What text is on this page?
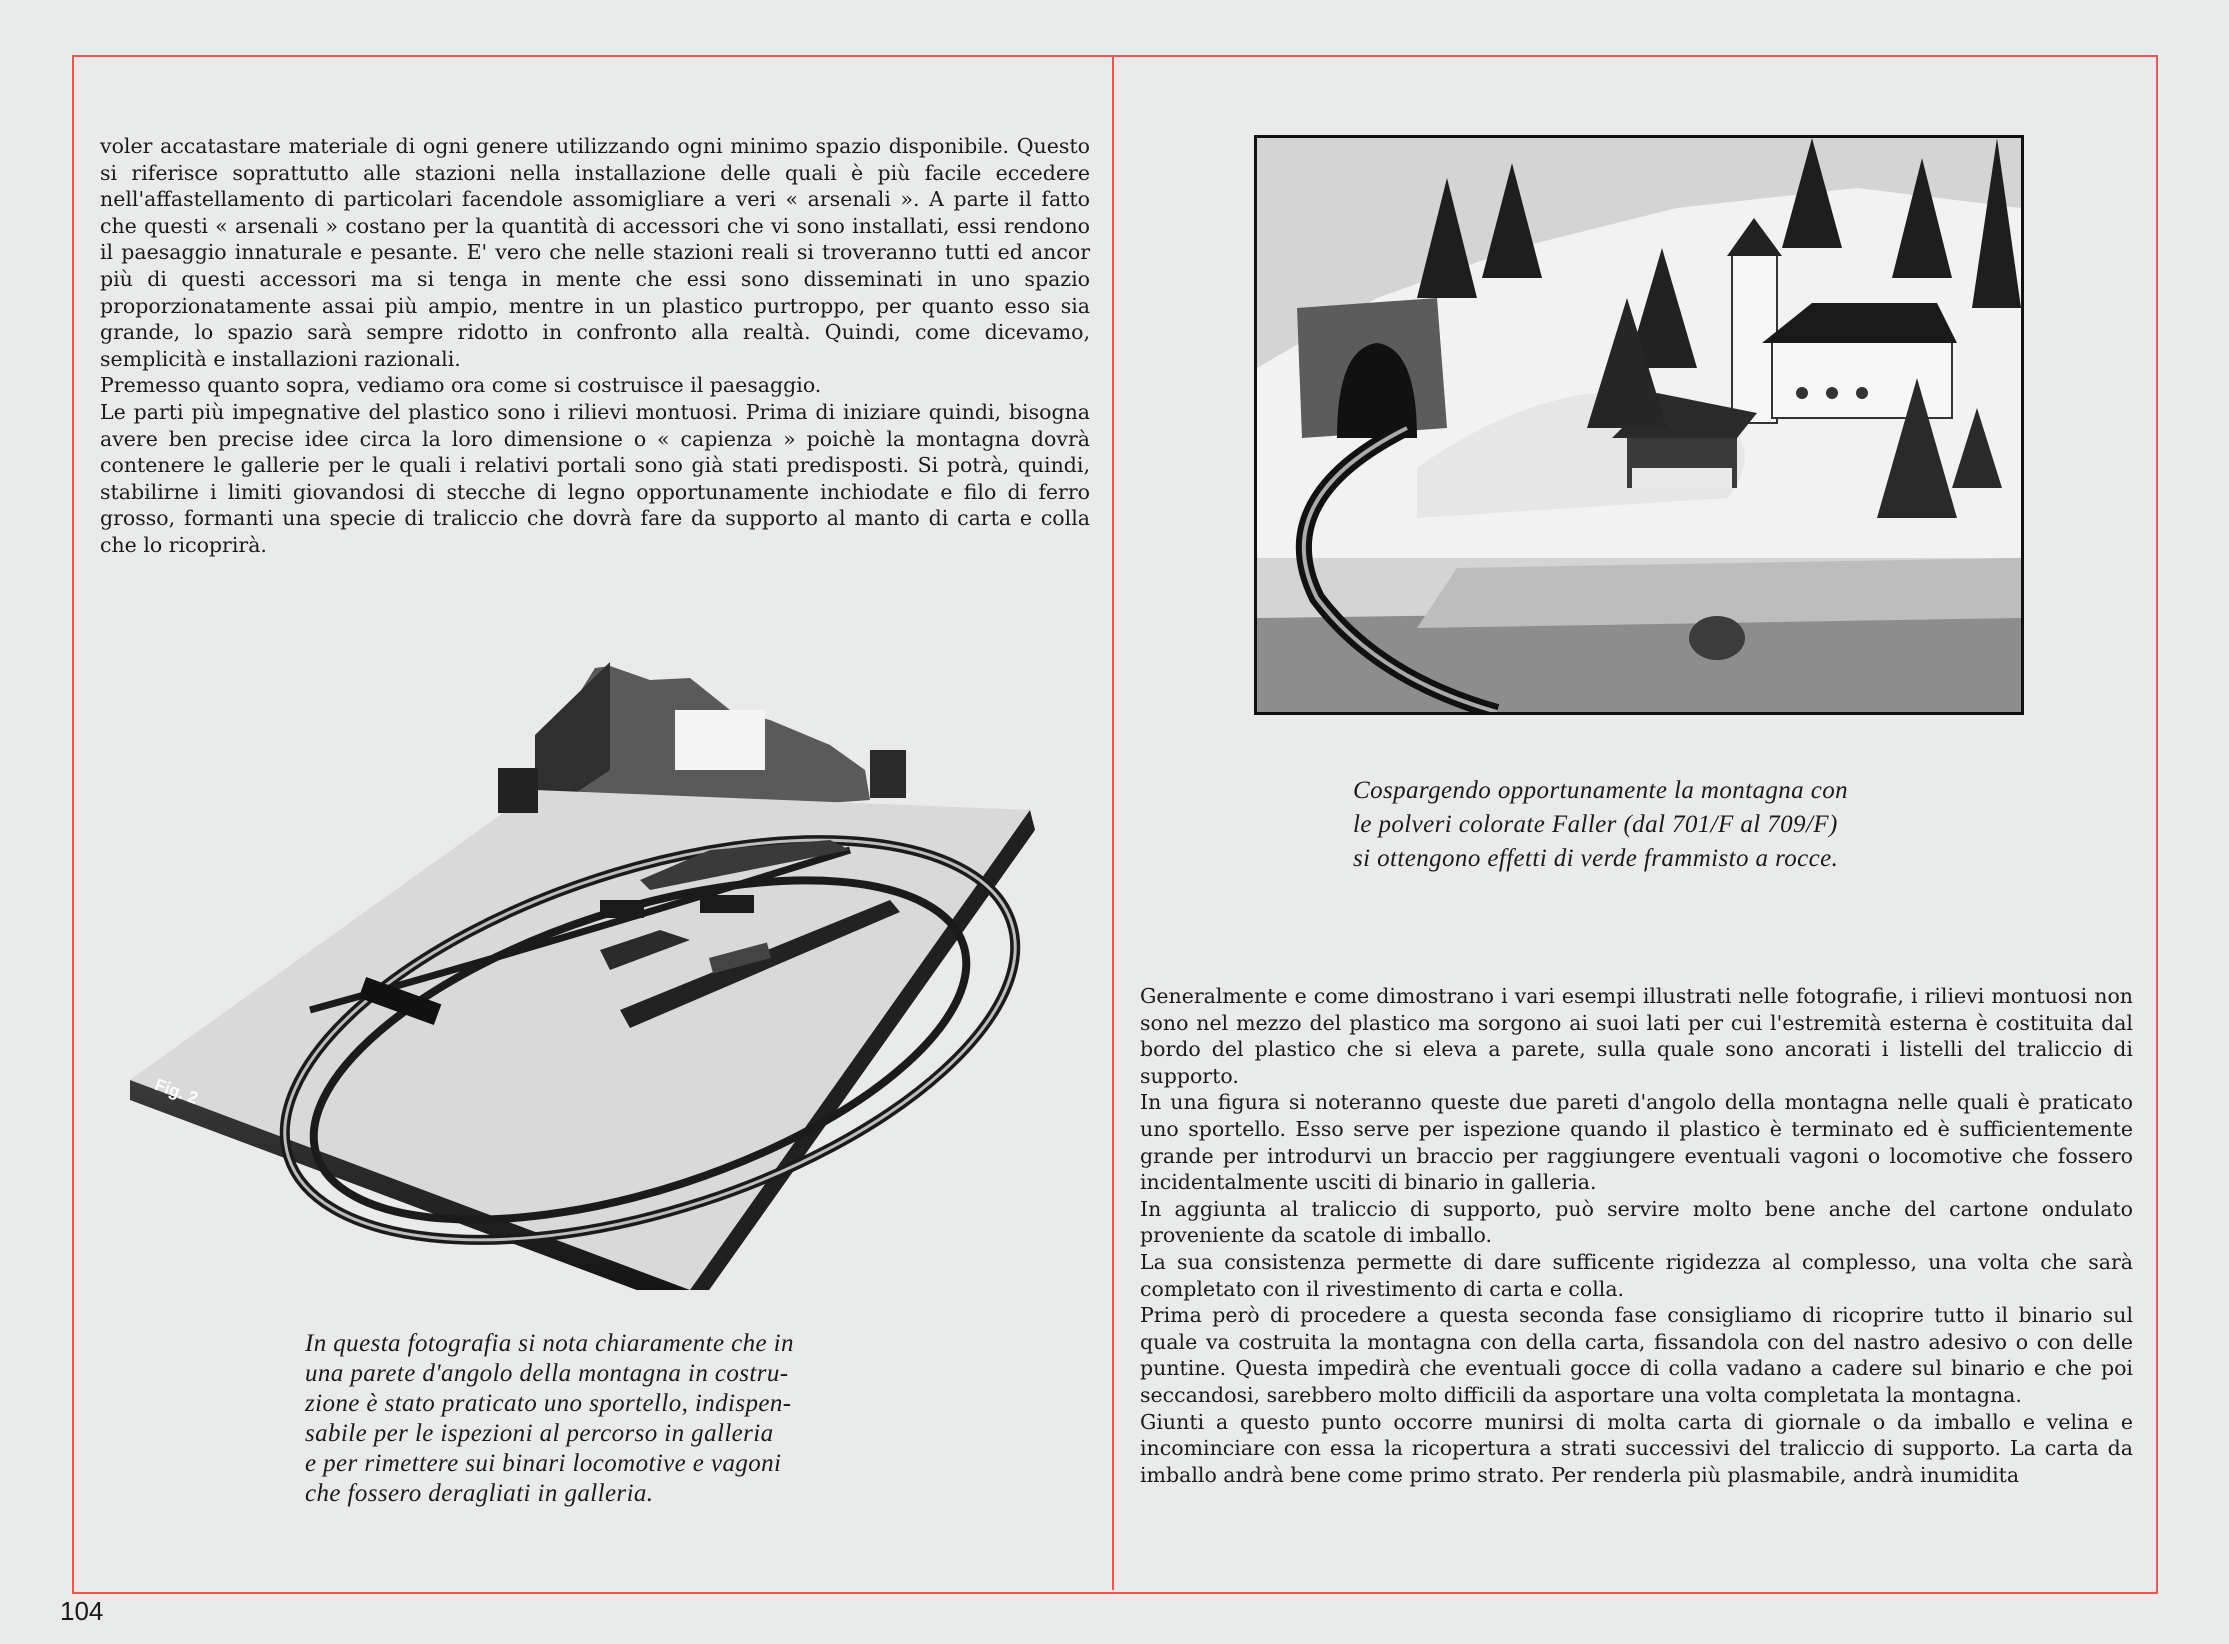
voler accatastare materiale di ogni genere utilizzando ogni minimo spazio disponibile. Questo si riferisce soprattutto alle stazioni nella installazione delle quali è più facile eccedere nell'affastellamento di particolari facendole assomigliare a veri « arsenali ». A parte il fatto che questi « arsenali » costano per la quantità di accessori che vi sono installati, essi rendono il paesaggio innaturale e pesante. E' vero che nelle stazioni reali si troveranno tutti ed ancor più di questi accessori ma si tenga in mente che essi sono disseminati in uno spazio proporzionatamente assai più ampio, mentre in un plastico purtroppo, per quanto esso sia grande, lo spazio sarà sempre ridotto in confronto alla realtà. Quindi, come dicevamo, semplicità e installazioni razionali.

Premesso quanto sopra, vediamo ora come si costruisce il paesaggio.

Le parti più impegnative del plastico sono i rilievi montuosi. Prima di iniziare quindi, bisogna avere ben precise idee circa la loro dimensione o « capienza » poichè la montagna dovrà contenere le gallerie per le quali i relativi portali sono già stati predisposti. Si potrà, quindi, stabilirne i limiti giovandosi di stecche di legno opportunamente inchiodate e filo di ferro grosso, formanti una specie di traliccio che dovrà fare da supporto al manto di carta e colla che lo ricoprirà.

Fig. 2
In questa fotografia si nota chiaramente che in
una parete d'angolo della montagna in costru-
zione è stato praticato uno sportello, indispen-
sabile per le ispezioni al percorso in galleria
e per rimettere sui binari locomotive e vagoni
che fossero deragliati in galleria.
Cospargendo opportunamente la montagna con
le polveri colorate Faller (dal 701/F al 709/F)
si ottengono effetti di verde frammisto a rocce.

Generalmente e come dimostrano i vari esempi illustrati nelle fotografie, i rilievi montuosi non sono nel mezzo del plastico ma sorgono ai suoi lati per cui l'estremità esterna è costituita dal bordo del plastico che si eleva a parete, sulla quale sono ancorati i listelli del traliccio di supporto.

In una figura si noteranno queste due pareti d'angolo della montagna nelle quali è praticato uno sportello. Esso serve per ispezione quando il plastico è terminato ed è sufficientemente grande per introdurvi un braccio per raggiungere eventuali vagoni o locomotive che fossero incidentalmente usciti di binario in galleria.

In aggiunta al traliccio di supporto, può servire molto bene anche del cartone ondulato proveniente da scatole di imballo.

La sua consistenza permette di dare sufficente rigidezza al complesso, una volta che sarà completato con il rivestimento di carta e colla.

Prima però di procedere a questa seconda fase consigliamo di ricoprire tutto il binario sul quale va costruita la montagna con della carta, fissandola con del nastro adesivo o con delle puntine. Questa impedirà che eventuali gocce di colla vadano a cadere sul binario e che poi seccandosi, sarebbero molto difficili da asportare una volta completata la montagna.

Giunti a questo punto occorre munirsi di molta carta di giornale o da imballo e velina e incominciare con essa la ricopertura a strati successivi del traliccio di supporto. La carta da imballo andrà bene come primo strato. Per renderla più plasmabile, andrà inumidita

104
